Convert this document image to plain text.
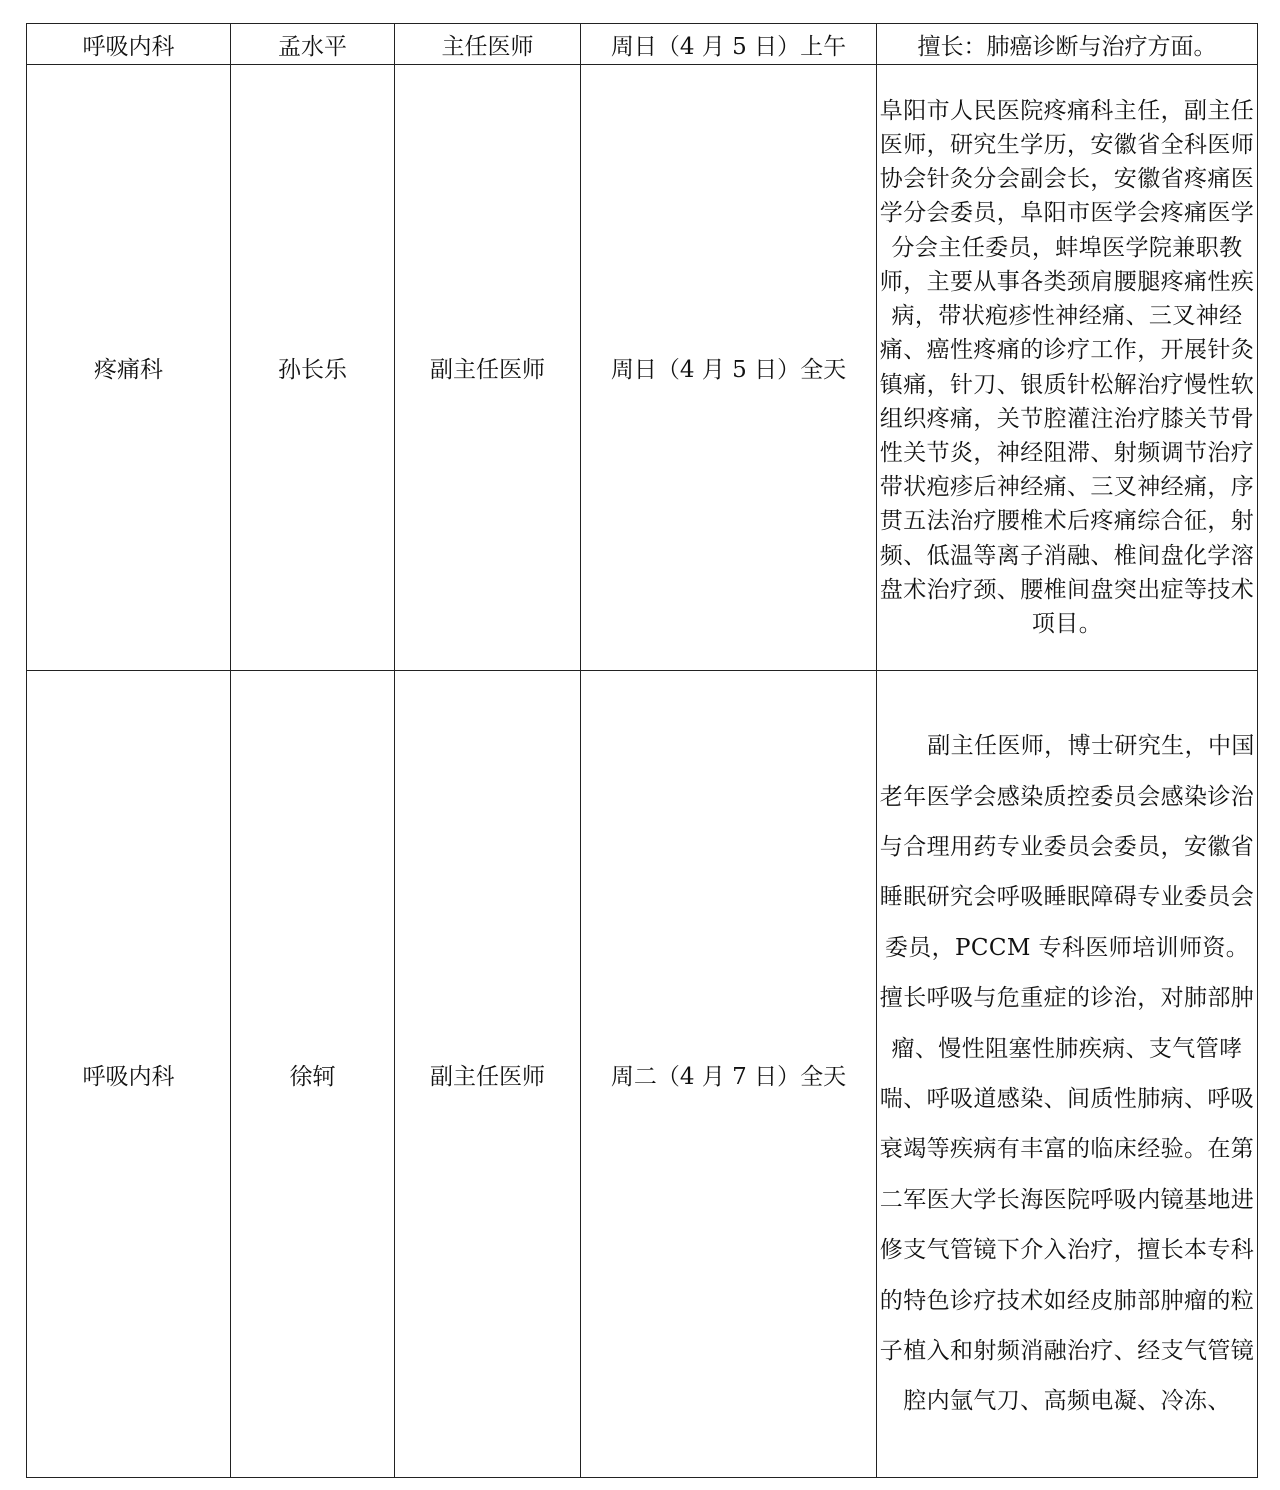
呼吸内科	孟水平	主任医师	周日（4 月 5 日）上午	擅长：肺癌诊断与治疗方面。
疼痛科	孙长乐	副主任医师	周日（4 月 5 日）全天	阜阳市人民医院疼痛科主任，副主任医师，研究生学历，安徽省全科医师协会针灸分会副会长，安徽省疼痛医学分会委员，阜阳市医学会疼痛医学分会主任委员，蚌埠医学院兼职教师，主要从事各类颈肩腰腿疼痛性疾病，带状疱疹性神经痛、三叉神经痛、癌性疼痛的诊疗工作，开展针灸镇痛，针刀、银质针松解治疗慢性软组织疼痛，关节腔灌注治疗膝关节骨性关节炎，神经阻滞、射频调节治疗带状疱疹后神经痛、三叉神经痛，序贯五法治疗腰椎术后疼痛综合征，射频、低温等离子消融、椎间盘化学溶盘术治疗颈、腰椎间盘突出症等技术项目。
呼吸内科	徐轲	副主任医师	周二（4 月 7 日）全天	副主任医师，博士研究生，中国老年医学会感染质控委员会感染诊治与合理用药专业委员会委员，安徽省睡眠研究会呼吸睡眠障碍专业委员会委员，PCCM 专科医师培训师资。擅长呼吸与危重症的诊治，对肺部肿瘤、慢性阻塞性肺疾病、支气管哮喘、呼吸道感染、间质性肺病、呼吸衰竭等疾病有丰富的临床经验。在第二军医大学长海医院呼吸内镜基地进修支气管镜下介入治疗，擅长本专科的特色诊疗技术如经皮肺部肿瘤的粒子植入和射频消融治疗、经支气管镜腔内氩气刀、高频电凝、冷冻、
